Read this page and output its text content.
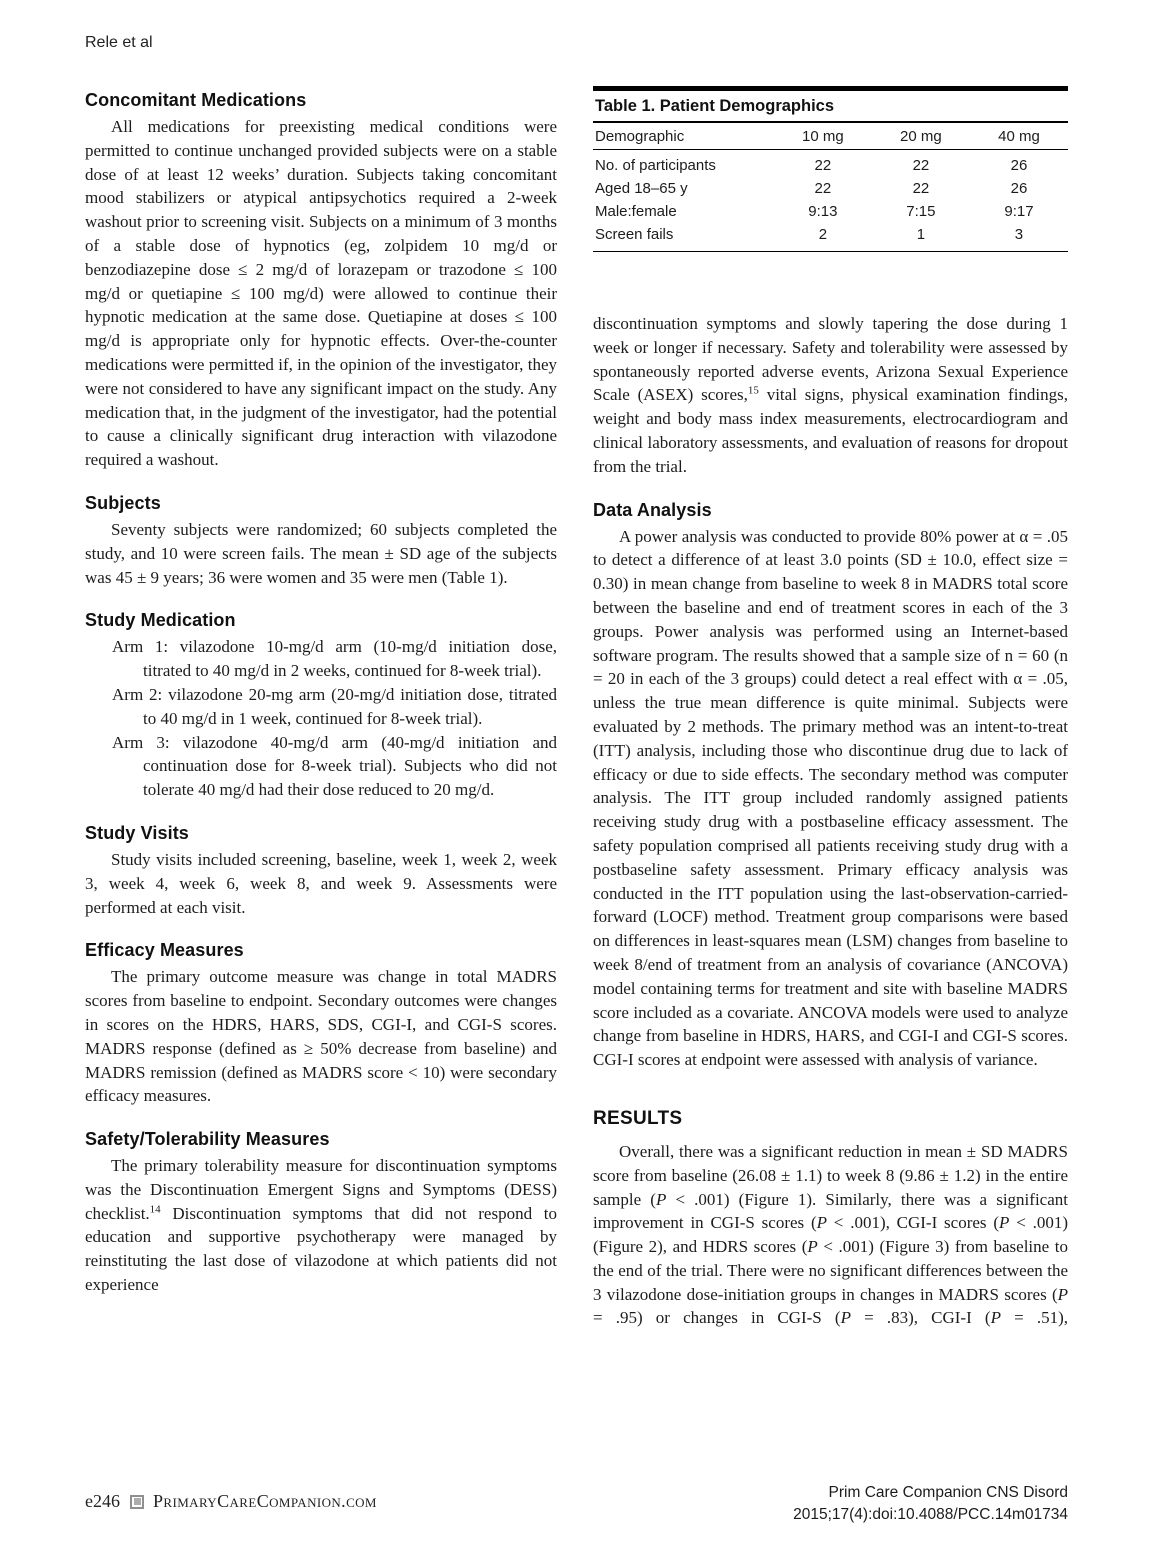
Rele et al
Concomitant Medications

All medications for preexisting medical conditions were permitted to continue unchanged provided subjects were on a stable dose of at least 12 weeks’ duration. Subjects taking concomitant mood stabilizers or atypical antipsychotics required a 2-week washout prior to screening visit. Subjects on a minimum of 3 months of a stable dose of hypnotics (eg, zolpidem 10 mg/d or benzodiazepine dose ≤ 2 mg/d of lorazepam or trazodone ≤ 100 mg/d or quetiapine ≤ 100 mg/d) were allowed to continue their hypnotic medication at the same dose. Quetiapine at doses ≤ 100 mg/d is appropriate only for hypnotic effects. Over-the-counter medications were permitted if, in the opinion of the investigator, they were not considered to have any significant impact on the study. Any medication that, in the judgment of the investigator, had the potential to cause a clinically significant drug interaction with vilazodone required a washout.

Subjects

Seventy subjects were randomized; 60 subjects completed the study, and 10 were screen fails. The mean ± SD age of the subjects was 45 ± 9 years; 36 were women and 35 were men (Table 1).

Study Medication

Arm 1: vilazodone 10-mg/d arm (10-mg/d initiation dose, titrated to 40 mg/d in 2 weeks, continued for 8-week trial).

Arm 2: vilazodone 20-mg arm (20-mg/d initiation dose, titrated to 40 mg/d in 1 week, continued for 8-week trial).

Arm 3: vilazodone 40-mg/d arm (40-mg/d initiation and continuation dose for 8-week trial). Subjects who did not tolerate 40 mg/d had their dose reduced to 20 mg/d.

Study Visits

Study visits included screening, baseline, week 1, week 2, week 3, week 4, week 6, week 8, and week 9. Assessments were performed at each visit.

Efficacy Measures

The primary outcome measure was change in total MADRS scores from baseline to endpoint. Secondary outcomes were changes in scores on the HDRS, HARS, SDS, CGI-I, and CGI-S scores. MADRS response (defined as ≥ 50% decrease from baseline) and MADRS remission (defined as MADRS score < 10) were secondary efficacy measures.

Safety/Tolerability Measures

The primary tolerability measure for discontinuation symptoms was the Discontinuation Emergent Signs and Symptoms (DESS) checklist.$^{14}$ Discontinuation symptoms that did not respond to education and supportive psychotherapy were managed by reinstituting the last dose of vilazodone at which patients did not experience

Table 1. Patient Demographics
Demographic	10 mg	20 mg	40 mg
No. of participants	22	22	26
Aged 18–65 y	22	22	26
Male:female	9:13	7:15	9:17
Screen fails	2	1	3

discontinuation symptoms and slowly tapering the dose during 1 week or longer if necessary. Safety and tolerability were assessed by spontaneously reported adverse events, Arizona Sexual Experience Scale (ASEX) scores,$^{15}$ vital signs, physical examination findings, weight and body mass index measurements, electrocardiogram and clinical laboratory assessments, and evaluation of reasons for dropout from the trial.

Data Analysis

A power analysis was conducted to provide 80% power at α = .05 to detect a difference of at least 3.0 points (SD ± 10.0, effect size = 0.30) in mean change from baseline to week 8 in MADRS total score between the baseline and end of treatment scores in each of the 3 groups. Power analysis was performed using an Internet-based software program. The results showed that a sample size of n = 60 (n = 20 in each of the 3 groups) could detect a real effect with α = .05, unless the true mean difference is quite minimal. Subjects were evaluated by 2 methods. The primary method was an intent-to-treat (ITT) analysis, including those who discontinue drug due to lack of efficacy or due to side effects. The secondary method was computer analysis. The ITT group included randomly assigned patients receiving study drug with a postbaseline efficacy assessment. The safety population comprised all patients receiving study drug with a postbaseline safety assessment. Primary efficacy analysis was conducted in the ITT population using the last-observation-carried-forward (LOCF) method. Treatment group comparisons were based on differences in least-squares mean (LSM) changes from baseline to week 8/end of treatment from an analysis of covariance (ANCOVA) model containing terms for treatment and site with baseline MADRS score included as a covariate. ANCOVA models were used to analyze change from baseline in HDRS, HARS, and CGI-I and CGI-S scores. CGI-I scores at endpoint were assessed with analysis of variance.

RESULTS

Overall, there was a significant reduction in mean ± SD MADRS score from baseline (26.08 ± 1.1) to week 8 (9.86 ± 1.2) in the entire sample (P < .001) (Figure 1). Similarly, there was a significant improvement in CGI-S scores (P < .001), CGI-I scores (P < .001) (Figure 2), and HDRS scores (P < .001) (Figure 3) from baseline to the end of the trial. There were no significant differences between the 3 vilazodone dose-initiation groups in changes in MADRS scores (P = .95) or changes in CGI-S (P = .83), CGI-I (P = .51),

e246 PrimaryCareCompanion.com	Prim Care Companion CNS Disord
2015;17(4):doi:10.4088/PCC.14m01734
